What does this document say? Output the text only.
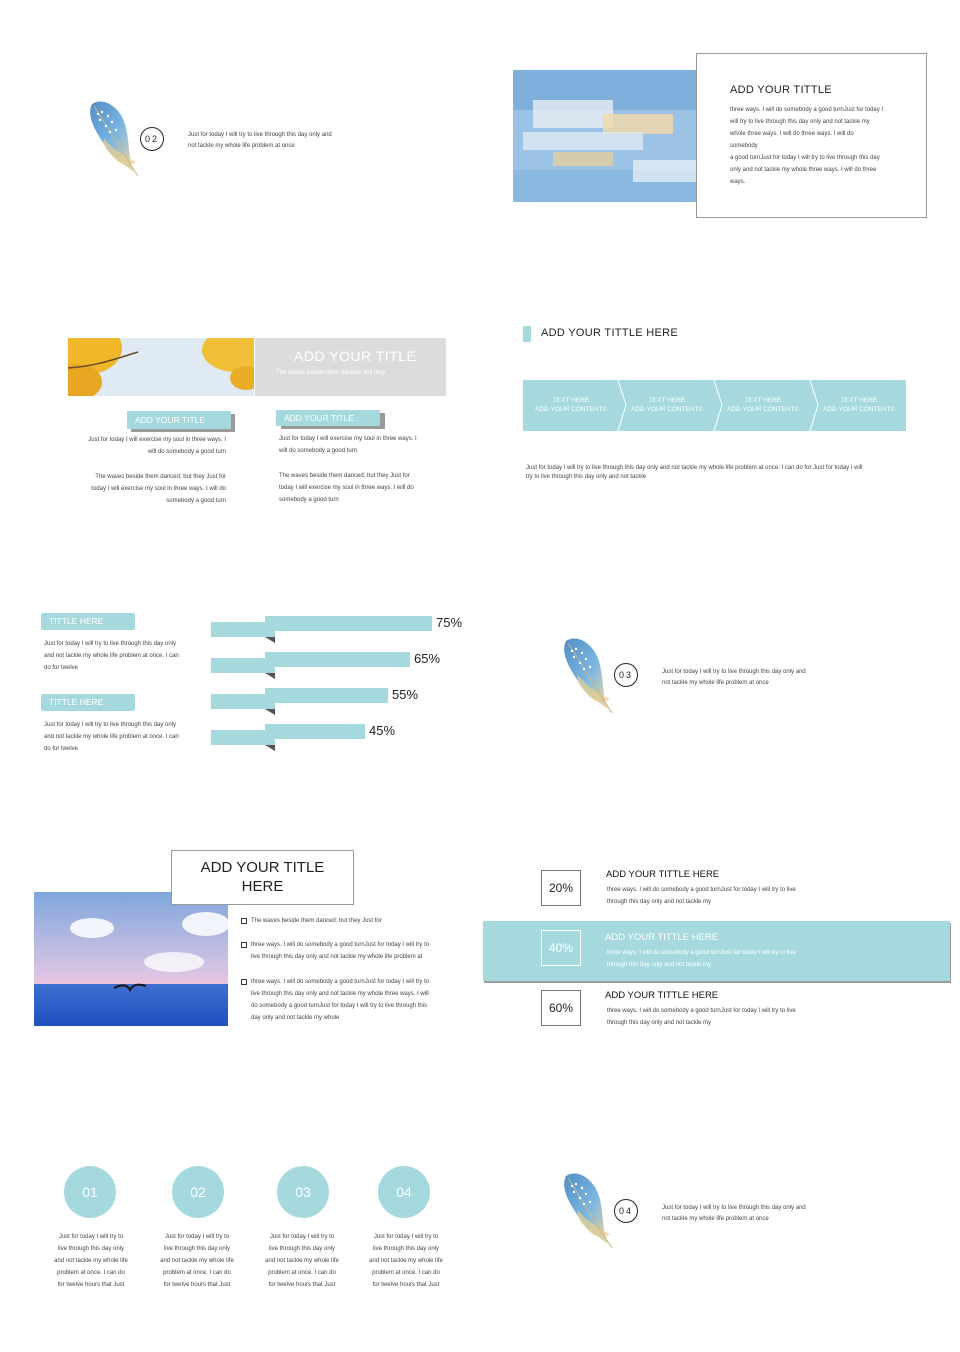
02	Just for today I will try to live through this day only and
not tackle my whole life problem at once
ADD YOUR TITTLE
three ways. I will do somebody a good turnJust for today I
will try to live through this day only and not tackle my
whole three ways. I will do three ways. I will do
somebody
a good turnJust for today I will try to live through this day
only and not tackle my whole three ways. I will do three
ways.
ADD YOUR TITLE
The waves beside them danced; but they
ADD YOUR TITLE
Just for today I will exercise my soul in three ways. I
will do somebody a good turn
The waves beside them danced; but they Just for
today I will exercise my soul in three ways. I will do
somebody a good turn
ADD YOUR TITLE
Just for today I will exercise my soul in three ways. I
will do somebody a good turn
The waves beside them danced; but they Just for
today I will exercise my soul in three ways. I will do
somebody a good turn
ADD YOUR TITTLE HERE
TEXT HERE
ADD YOUR CONTENTS
TEXT HERE
ADD YOUR CONTENTS
TEXT HERE
ADD YOUR CONTENTS
TEXT HERE
ADD YOUR CONTENTS
Just for today I will try to live through this day only and not tackle my whole life problem at once. I can do for Just for today I will
try to live through this day only and not tackle
TITTLE HERE
Just for today I will try to live through this day only
and not tackle my whole life problem at once. I can
do for twelve
TITTLE HERE
Just for today I will try to live through this day only
and not tackle my whole life problem at once. I can
do for twelve
75%
65%
55%
45%
03	Just for today I will try to live through this day only and
not tackle my whole life problem at once
ADD YOUR TITLE
HERE
The waves beside them danced; but they Just for
three ways. I will do somebody a good turnJust for today I will try to
live through this day only and not tackle my whole life problem at
three ways. I will do somebody a good turnJust for today I will try to
live through this day only and not tackle my whole three ways. I will
do somebody a good turnJust for today I will try to live through this
day only and not tackle my whole
20%
ADD YOUR TITTLE HERE
three ways. I will do somebody a good turnJust for today I will try to live
through this day only and not tackle my
40%
ADD YOUR TITTLE HERE
three ways. I will do somebody a good turnJust for today I will try to live
through this day only and not tackle my
60%
ADD YOUR TITTLE HERE
three ways. I will do somebody a good turnJust for today I will try to live
through this day only and not tackle my
01
Just for today I will try to
live through this day only
and not tackle my whole life
problem at once. I can do
for twelve hours that Just
02
Just for today I will try to
live through this day only
and not tackle my whole life
problem at once. I can do
for twelve hours that Just
03
Just for today I will try to
live through this day only
and not tackle my whole life
problem at once. I can do
for twelve hours that Just
04
Just for today I will try to
live through this day only
and not tackle my whole life
problem at once. I can do
for twelve hours that Just
04	Just for today I will try to live through this day only and
not tackle my whole life problem at once
